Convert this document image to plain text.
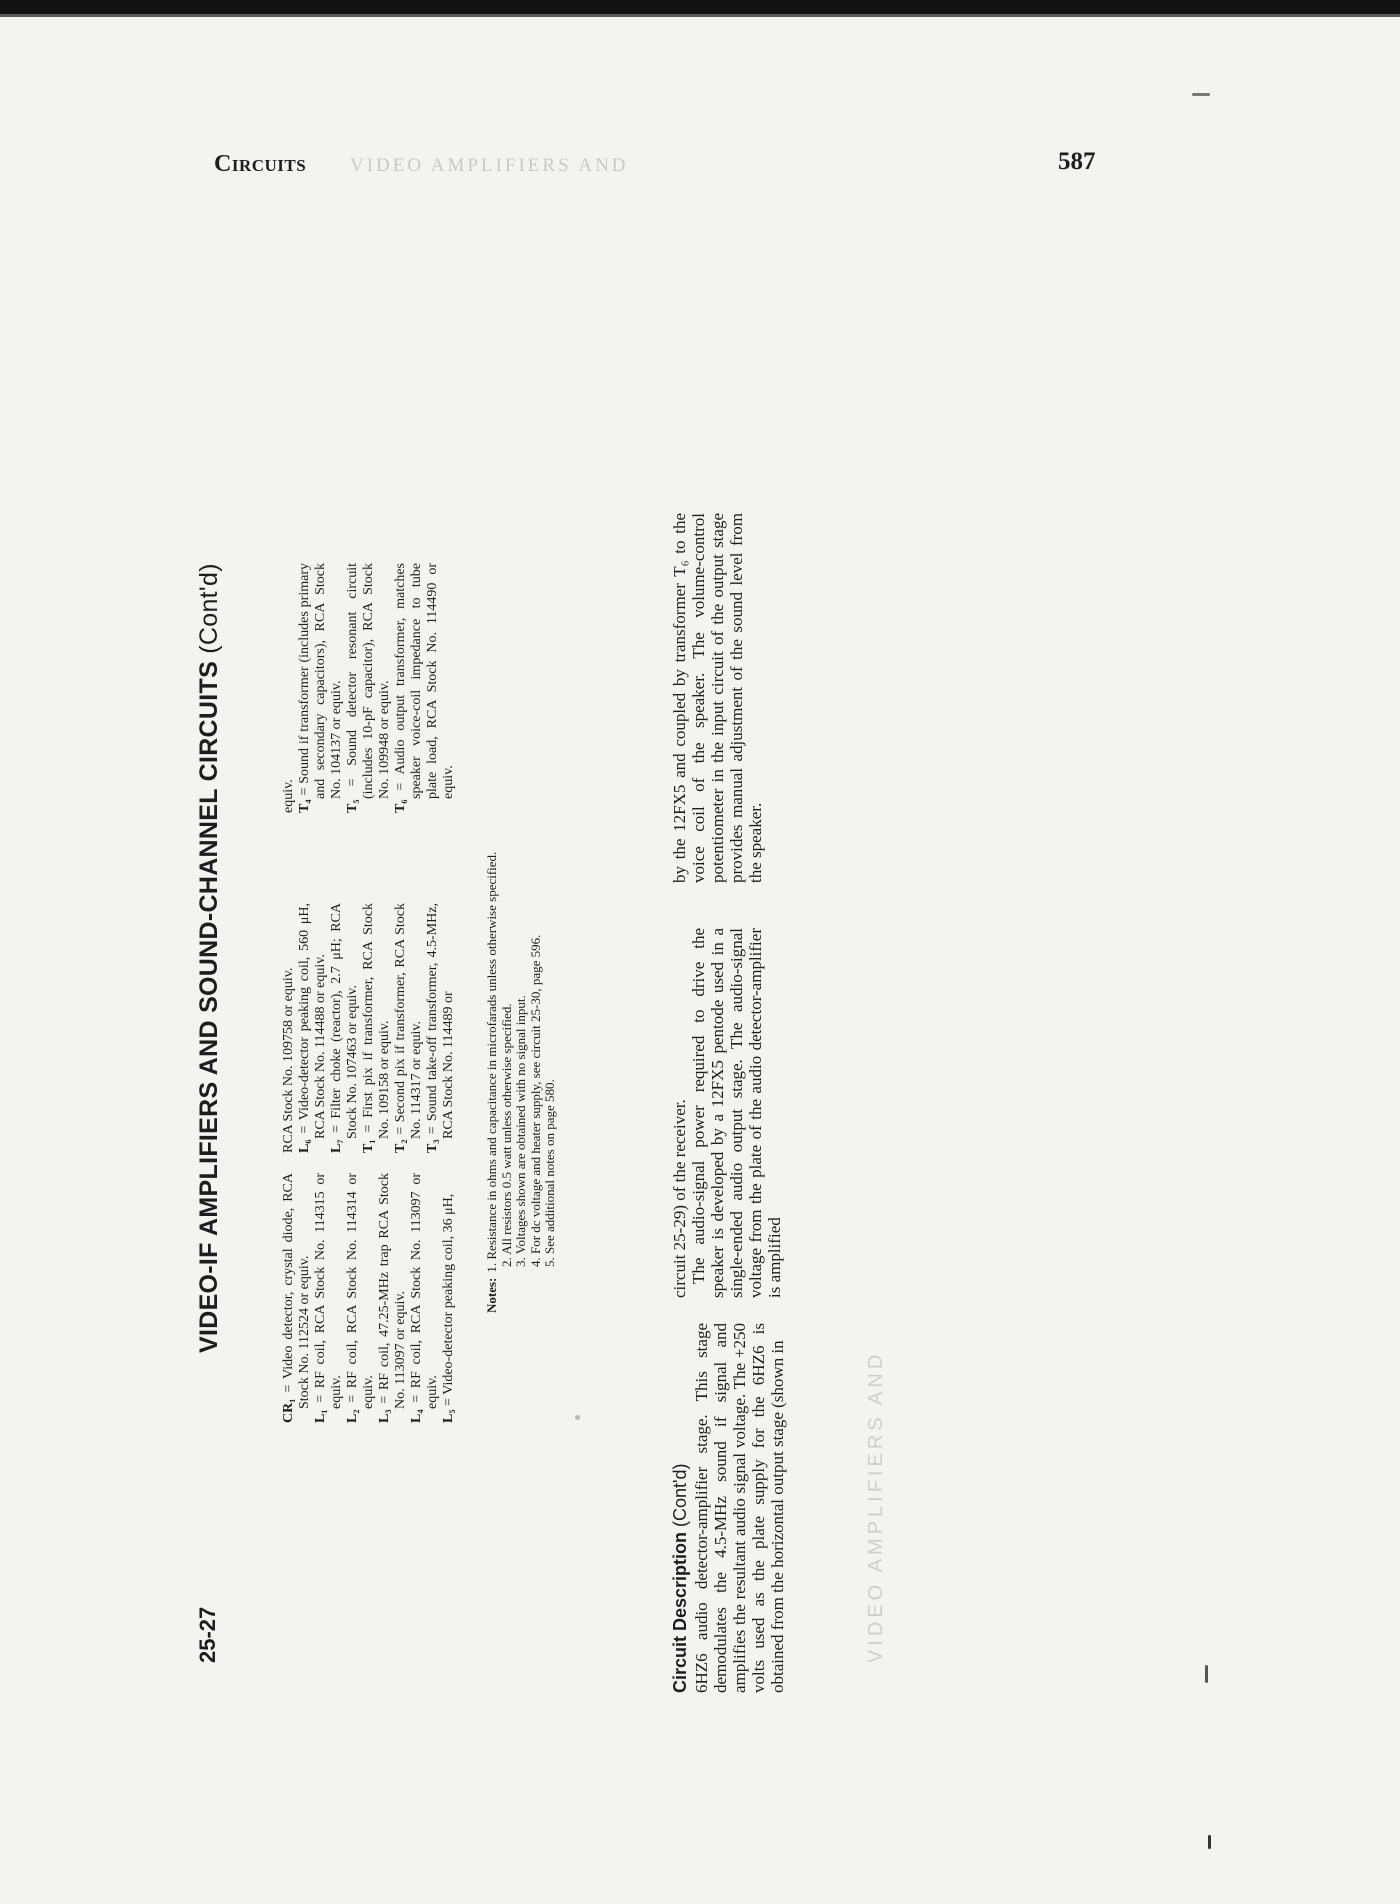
Circuits VIDEO AMPLIFIERS AND	587
25-27
VIDEO-IF AMPLIFIERS AND SOUND-CHANNEL CIRCUITS (Cont'd)
CR₁ = Video detector, crystal diode, RCA Stock No. 112524 or equiv.
L₁ = RF coil, RCA Stock No. 114315 or equiv.
L₂ = RF coil, RCA Stock No. 114314 or equiv.
L₃ = RF coil, 47.25-MHz trap RCA Stock No. 113097 or equiv.
L₄ = RF coil, RCA Stock No. 113097 or equiv.
L₅ = Video-detector peaking coil, 36 μH,
RCA Stock No. 109758 or equiv. L₆ = Video-detector peaking coil, 560 μH, RCA Stock No. 114488 or equiv.
L₇ = Filter choke (reactor), 2.7 μH; RCA Stock No. 107463 or equiv.
T₁ = First pix if transformer, RCA Stock No. 109158 or equiv.
T₂ = Second pix if transformer, RCA Stock No. 114317 or equiv.
T₃ = Sound take-off transformer, 4.5-MHz, RCA Stock No. 114489 or
equiv. T₄ = Sound if transformer (includes primary and secondary capacitors), RCA Stock No. 104137 or equiv.
T₅ = Sound detector resonant circuit (includes 10-pF capacitor), RCA Stock No. 109948 or equiv.
T₆ = Audio output transformer, matches speaker voice-coil impedance to tube plate load, RCA Stock No. 114490 or equiv.
Notes:1. Resistance in ohms and capacitance in microfarads unless otherwise specified. 2. All resistors 0.5 watt unless otherwise specified. 3. Voltages shown are obtained with no signal input. 4. For dc voltage and heater supply, see circuit 25-30, page 596. 5. See additional notes on page 580.
Circuit Description (Cont'd) 6HZ6 audio detector-amplifier stage. This stage demodulates the 4.5-MHz sound if signal and amplifies the resultant audio signal voltage. The +250 volts used as the plate supply for the 6HZ6 is obtained from the horizontal output stage (shown in
circuit 25-29) of the receiver. The audio-signal power required to drive the speaker is developed by a 12FX5 pentode used in a single-ended audio output stage. The audio-signal voltage from the plate of the audio detector-amplifier is amplified
by the 12FX5 and coupled by transformer T₆ to the voice coil of the speaker. The volume-control potentiometer in the input circuit of the output stage provides manual adjustment of the sound level from the speaker.
VIDEO AMPLIFIERS AND
